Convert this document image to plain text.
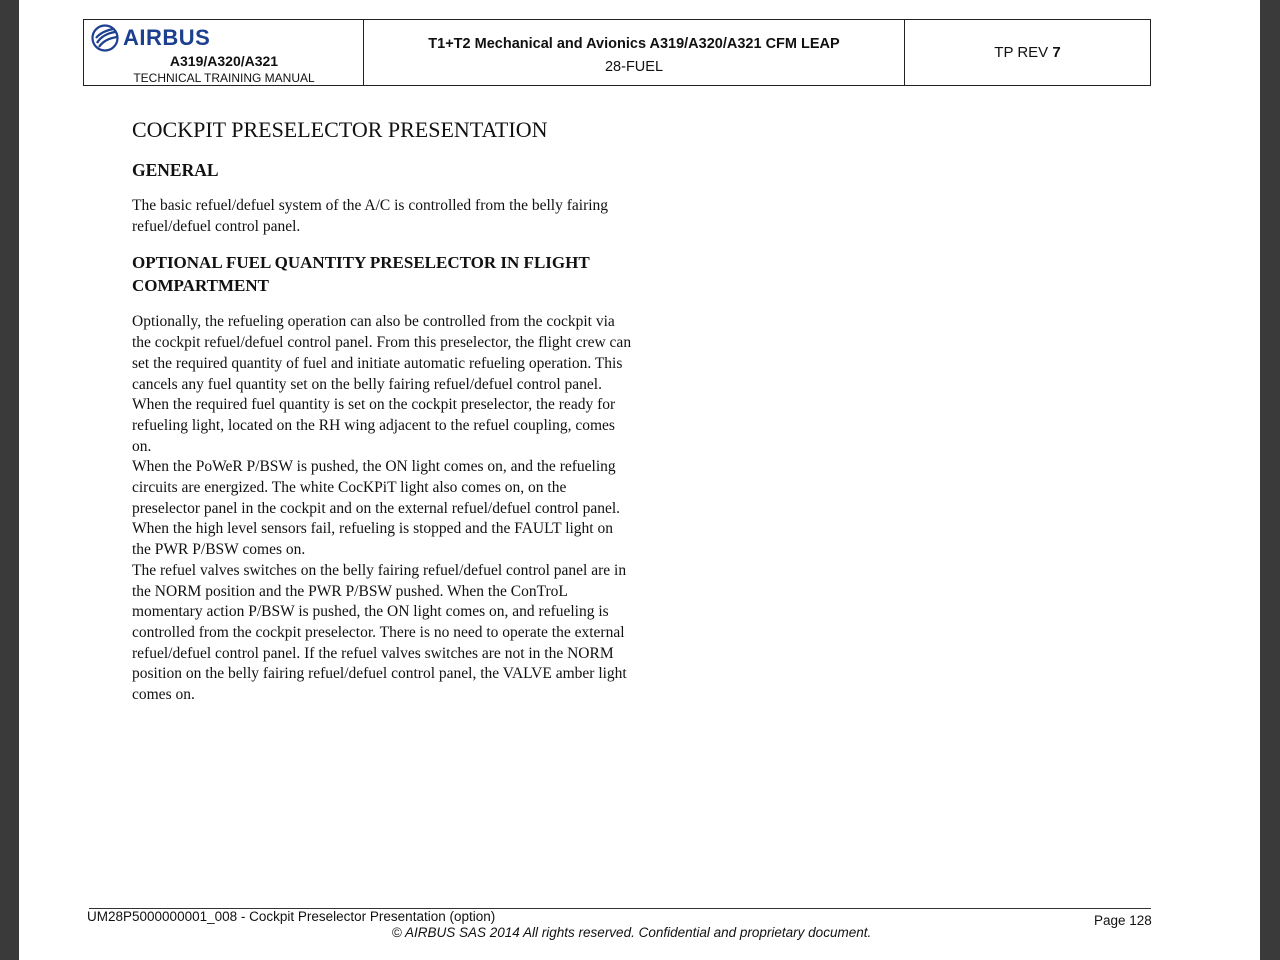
AIRBUS
A319/A320/A321
TECHNICAL TRAINING MANUAL
T1+T2 Mechanical and Avionics A319/A320/A321 CFM LEAP
28-FUEL
TP REV 7
COCKPIT PRESELECTOR PRESENTATION
GENERAL

The basic refuel/defuel system of the A/C is controlled from the belly fairing refuel/defuel control panel.

OPTIONAL FUEL QUANTITY PRESELECTOR IN FLIGHT COMPARTMENT

Optionally, the refueling operation can also be controlled from the cockpit via the cockpit refuel/defuel control panel. From this preselector, the flight crew can set the required quantity of fuel and initiate automatic refueling operation. This cancels any fuel quantity set on the belly fairing refuel/defuel control panel. When the required fuel quantity is set on the cockpit preselector, the ready for refueling light, located on the RH wing adjacent to the refuel coupling, comes on.

When the PoWeR P/BSW is pushed, the ON light comes on, and the refueling circuits are energized. The white CocKPiT light also comes on, on the preselector panel in the cockpit and on the external refuel/defuel control panel. When the high level sensors fail, refueling is stopped and the FAULT light on the PWR P/BSW comes on.

The refuel valves switches on the belly fairing refuel/defuel control panel are in the NORM position and the PWR P/BSW pushed. When the ConTroL momentary action P/BSW is pushed, the ON light comes on, and refueling is controlled from the cockpit preselector. There is no need to operate the external refuel/defuel control panel. If the refuel valves switches are not in the NORM position on the belly fairing refuel/defuel control panel, the VALVE amber light comes on.

UM28P5000000001_008 - Cockpit Preselector Presentation (option)	Page 128
© AIRBUS SAS 2014 All rights reserved. Confidential and proprietary document.
